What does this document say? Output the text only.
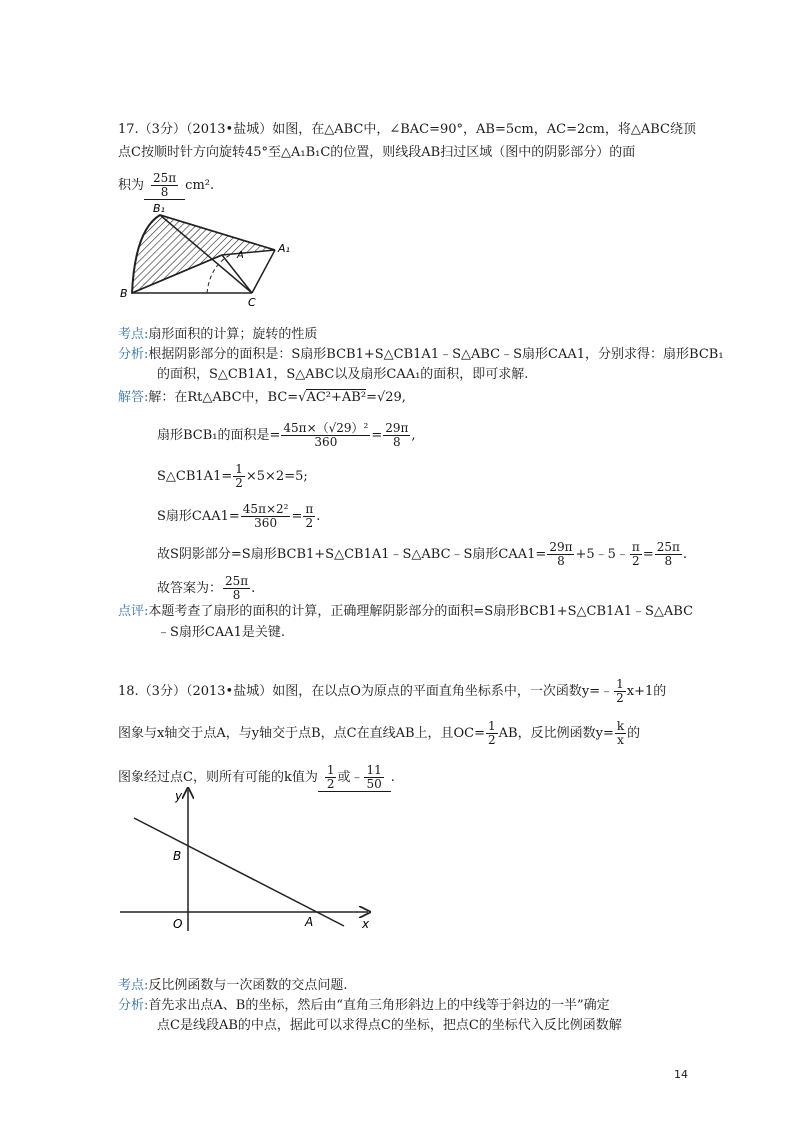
17.（3分）（2013•盐城）如图，在△ABC中，∠BAC=90°，AB=5cm，AC=2cm，将△ABC绕顶
点C按顺时针方向旋转45°至△A₁B₁C的位置，则线段AB扫过区域（图中的阴影部分）的面
积为 $\frac{25\pi}{8} cm^2$.
B₁
A
A₁
B
C
考点:扇形面积的计算；旋转的性质
分析:根据阴影部分的面积是：S扇形BCB1+S△CB1A1﹣S△ABC﹣S扇形CAA1，分别求得：扇形BCB₁
的面积，S△CB1A1，S△ABC以及扇形CAA₁的面积，即可求解.
解答:解：在Rt△ABC中，BC=√AC²+AB²=√29,
扇形BCB₁的面积是= $\frac{\text{45π×（√29）²}}{360} = \frac{29\pi}{8}$ ,
S△CB1A1= $\frac{1}{2} \times 5\times 2=5$;
S扇形$CAA1= \frac{\text{45π×2²}}{360} = \frac{\pi}{2}$ .
故S阴影部分=S扇形BCB1+S△CB1A1﹣S△ABC﹣S扇形$CAA1= \frac{29\pi}{8}$ +5﹣5﹣ $\frac{\pi}{2} = \frac{25\pi}{8}$ .
故答案为： $\frac{25\pi}{8}$ .
点评:本题考查了扇形的面积的计算，正确理解阴影部分的面积=S扇形BCB1+S△CB1A1﹣S△ABC
﹣S扇形CAA1是关键.
18.（3分）（2013•盐城）如图，在以点O为原点的平面直角坐标系中，一次函数y=﹣ $\frac{1}{2} x+1$的
图象与x轴交于点A，与y轴交于点B，点C在直线AB上，且$OC= \frac{1}{2}$ AB，反比例函数$y= \frac{k}{x}$ 的
图象经过点C，则所有可能的k值为 $\frac{1}{2}$ 或﹣ $\frac{11}{50}$ .
y
B
O	A	x
考点:反比例函数与一次函数的交点问题.
分析:首先求出点A、B的坐标，然后由“直角三角形斜边上的中线等于斜边的一半”确定
点C是线段AB的中点，据此可以求得点C的坐标，把点C的坐标代入反比例函数解
14
